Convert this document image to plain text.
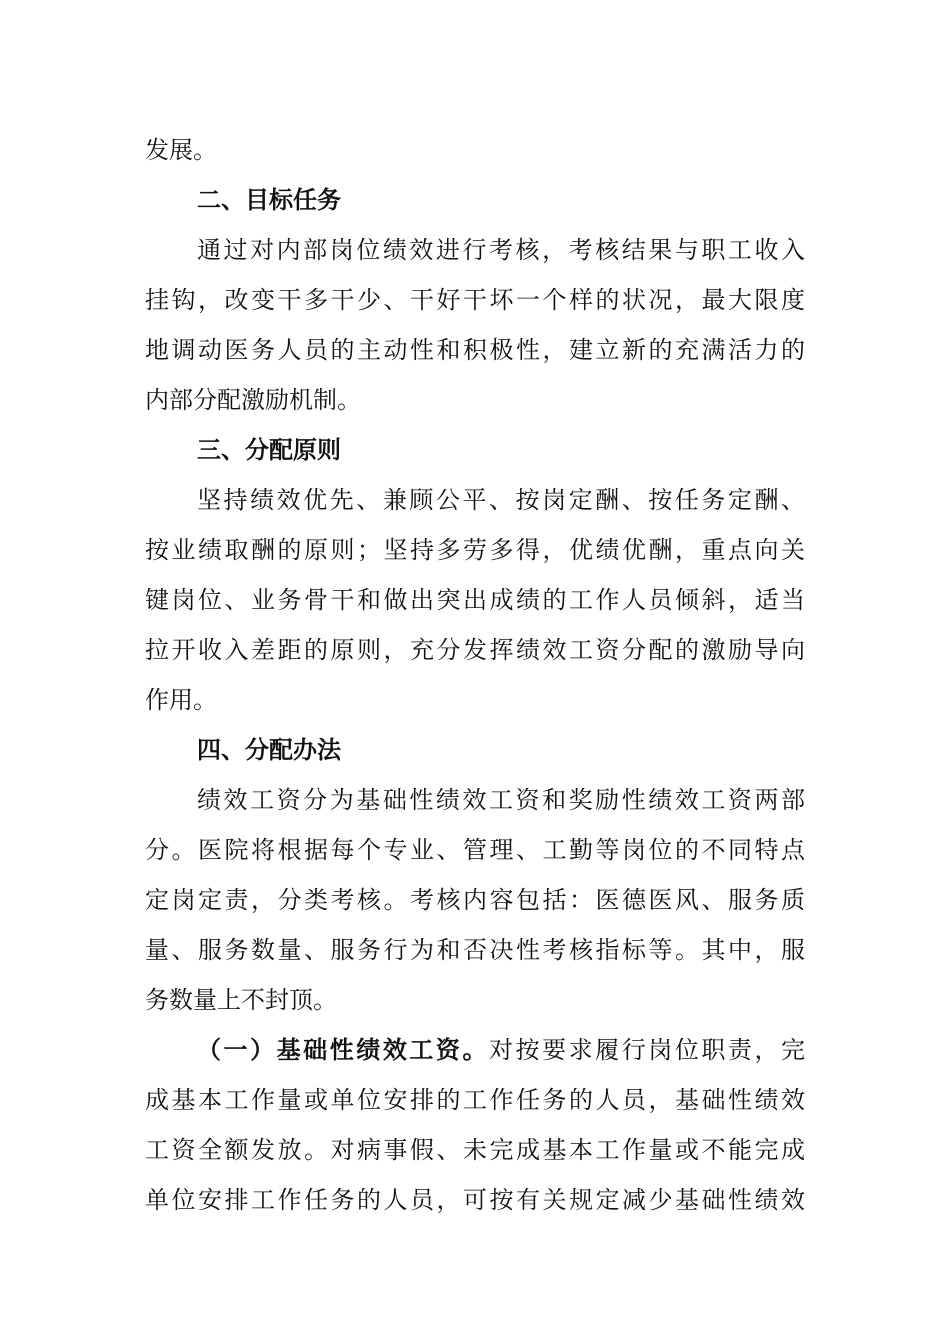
发展。
二、目标任务
通过对内部岗位绩效进行考核，考核结果与职工收入
挂钩，改变干多干少、干好干坏一个样的状况，最大限度
地调动医务人员的主动性和积极性，建立新的充满活力的
内部分配激励机制。
三、分配原则
坚持绩效优先、兼顾公平、按岗定酬、按任务定酬、
按业绩取酬的原则；坚持多劳多得，优绩优酬，重点向关
键岗位、业务骨干和做出突出成绩的工作人员倾斜，适当
拉开收入差距的原则，充分发挥绩效工资分配的激励导向
作用。
四、分配办法
绩效工资分为基础性绩效工资和奖励性绩效工资两部
分。医院将根据每个专业、管理、工勤等岗位的不同特点
定岗定责，分类考核。考核内容包括：医德医风、服务质
量、服务数量、服务行为和否决性考核指标等。其中，服
务数量上不封顶。
（一）基础性绩效工资。对按要求履行岗位职责，完
成基本工作量或单位安排的工作任务的人员，基础性绩效
工资全额发放。对病事假、未完成基本工作量或不能完成
单位安排工作任务的人员，可按有关规定减少基础性绩效
